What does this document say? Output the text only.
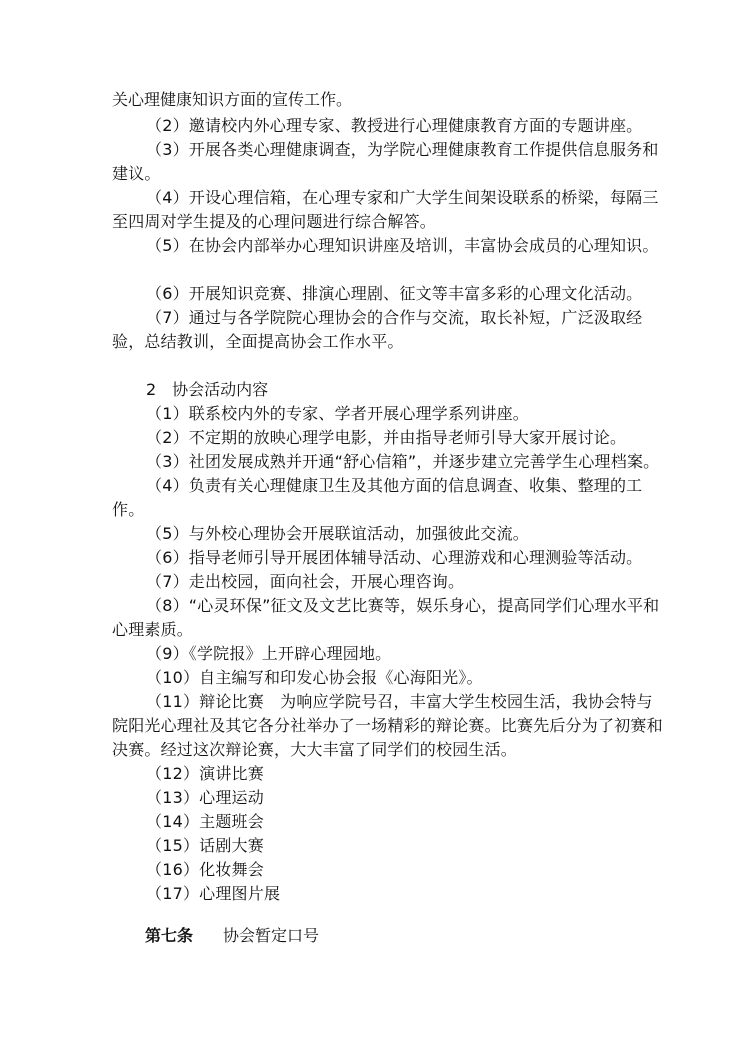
关心理健康知识方面的宣传工作。

（2）邀请校内外心理专家、教授进行心理健康教育方面的专题讲座。

（3）开展各类心理健康调查，为学院心理健康教育工作提供信息服务和建议。

（4）开设心理信箱，在心理专家和广大学生间架设联系的桥梁，每隔三至四周对学生提及的心理问题进行综合解答。

（5）在协会内部举办心理知识讲座及培训，丰富协会成员的心理知识。

（6）开展知识竞赛、排演心理剧、征文等丰富多彩的心理文化活动。

（7）通过与各学院院心理协会的合作与交流，取长补短，广泛汲取经验，总结教训，全面提高协会工作水平。

2　协会活动内容

（1）联系校内外的专家、学者开展心理学系列讲座。

（2）不定期的放映心理学电影，并由指导老师引导大家开展讨论。

（3）社团发展成熟并开通“舒心信箱”，并逐步建立完善学生心理档案。

（4）负责有关心理健康卫生及其他方面的信息调查、收集、整理的工作。

（5）与外校心理协会开展联谊活动，加强彼此交流。

（6）指导老师引导开展团体辅导活动、心理游戏和心理测验等活动。

（7）走出校园，面向社会，开展心理咨询。

（8）“心灵环保”征文及文艺比赛等，娱乐身心，提高同学们心理水平和心理素质。

（9）《学院报》上开辟心理园地。

（10）自主编写和印发心协会报《心海阳光》。

（11）辩论比赛　为响应学院号召，丰富大学生校园生活，我协会特与院阳光心理社及其它各分社举办了一场精彩的辩论赛。比赛先后分为了初赛和决赛。经过这次辩论赛，大大丰富了同学们的校园生活。

（12）演讲比赛

（13）心理运动

（14）主题班会

（15）话剧大赛

（16）化妆舞会

（17）心理图片展

第七条 协会暂定口号
